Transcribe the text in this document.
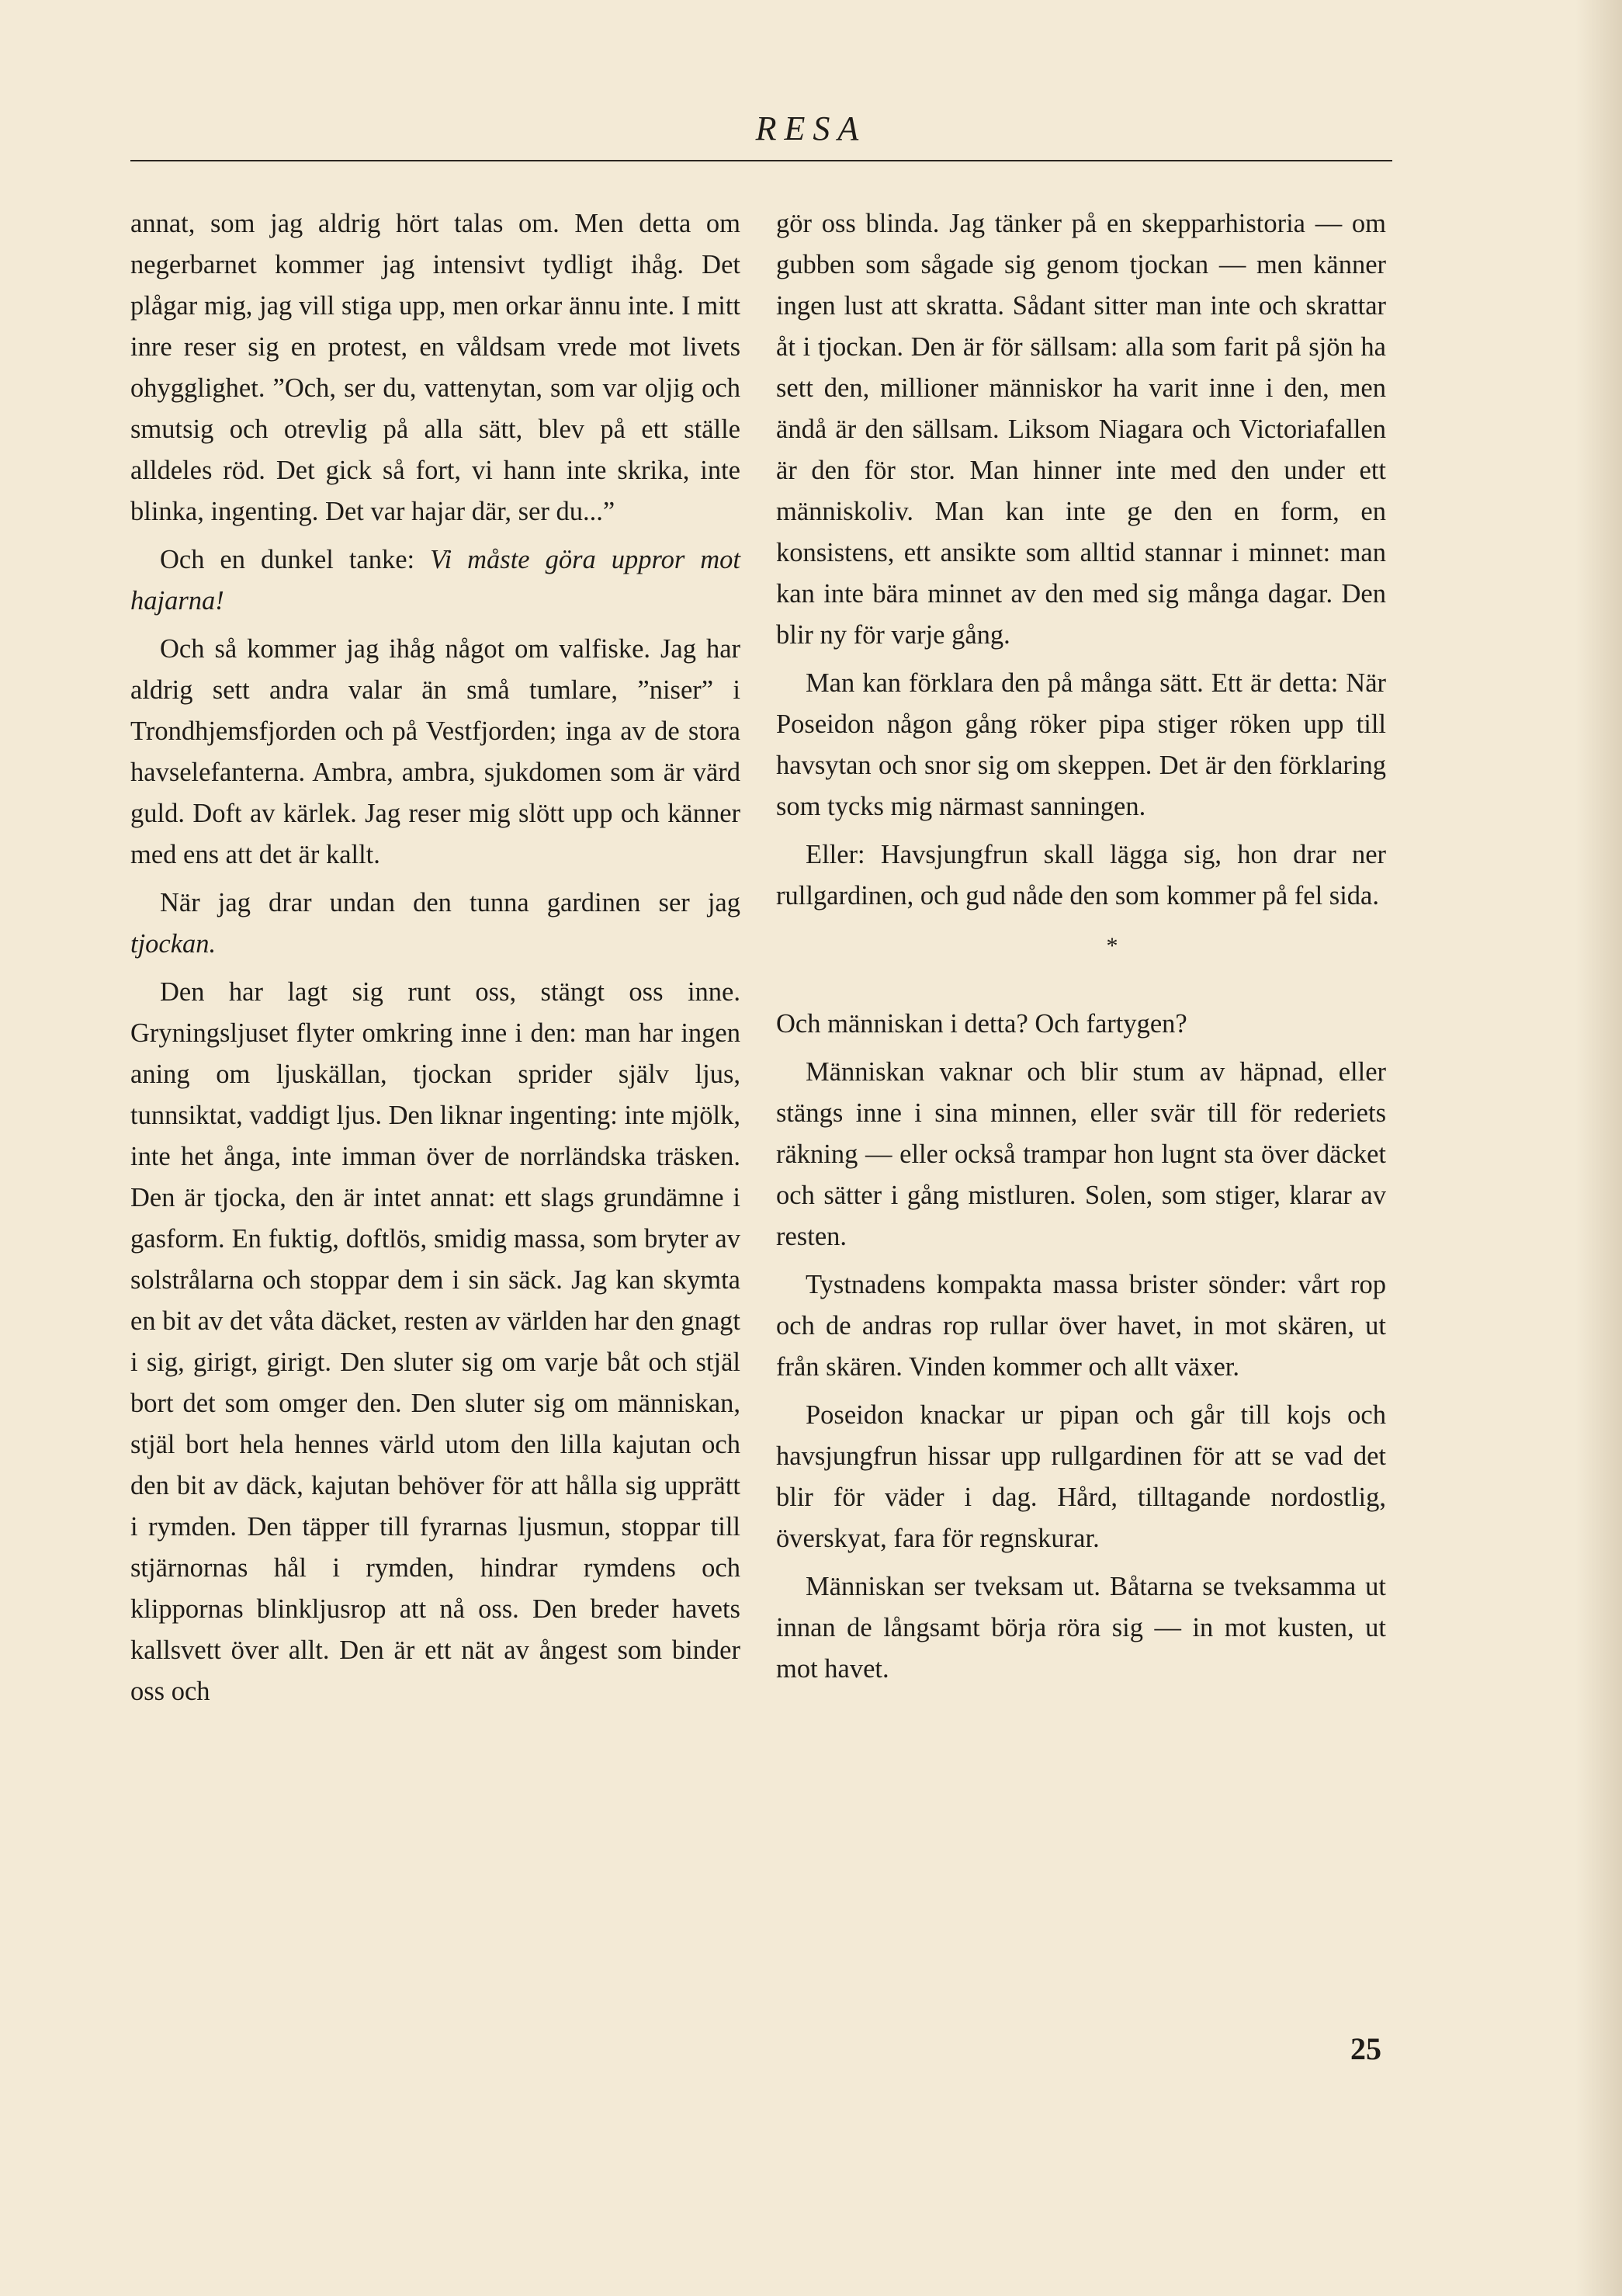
RESA

annat, som jag aldrig hört talas om. Men detta om negerbarnet kommer jag intensivt tydligt ihåg. Det plågar mig, jag vill stiga upp, men orkar ännu inte. I mitt inre reser sig en protest, en våldsam vrede mot livets ohygglighet. ”Och, ser du, vattenytan, som var oljig och smutsig och otrevlig på alla sätt, blev på ett ställe alldeles röd. Det gick så fort, vi hann inte skrika, inte blinka, ingenting. Det var hajar där, ser du...”

Och en dunkel tanke: Vi måste göra uppror mot hajarna!

Och så kommer jag ihåg något om valfiske. Jag har aldrig sett andra valar än små tumlare, ”niser” i Trondhjemsfjorden och på Vestfjorden; inga av de stora havselefanterna. Ambra, ambra, sjukdomen som är värd guld. Doft av kärlek. Jag reser mig slött upp och känner med ens att det är kallt.

När jag drar undan den tunna gardinen ser jag tjockan.

Den har lagt sig runt oss, stängt oss inne. Gryningsljuset flyter omkring inne i den: man har ingen aning om ljuskällan, tjockan sprider själv ljus, tunnsiktat, vaddigt ljus. Den liknar ingenting: inte mjölk, inte het ånga, inte imman över de norrländska träsken. Den är tjocka, den är intet annat: ett slags grundämne i gasform. En fuktig, doftlös, smidig massa, som bryter av solstrålarna och stoppar dem i sin säck. Jag kan skymta en bit av det våta däcket, resten av världen har den gnagt i sig, girigt, girigt. Den sluter sig om varje båt och stjäl bort det som omger den. Den sluter sig om människan, stjäl bort hela hennes värld utom den lilla kajutan och den bit av däck, kajutan behöver för att hålla sig upprätt i rymden. Den täpper till fyrarnas ljusmun, stoppar till stjärnornas hål i rymden, hindrar rymdens och klippornas blinkljusrop att nå oss. Den breder havets kallsvett över allt. Den är ett nät av ångest som binder oss och

gör oss blinda. Jag tänker på en skepparhistoria — om gubben som sågade sig genom tjockan — men känner ingen lust att skratta. Sådant sitter man inte och skrattar åt i tjockan. Den är för sällsam: alla som farit på sjön ha sett den, millioner människor ha varit inne i den, men ändå är den sällsam. Liksom Niagara och Victoriafallen är den för stor. Man hinner inte med den under ett människoliv. Man kan inte ge den en form, en konsistens, ett ansikte som alltid stannar i minnet: man kan inte bära minnet av den med sig många dagar. Den blir ny för varje gång.

Man kan förklara den på många sätt. Ett är detta: När Poseidon någon gång röker pipa stiger röken upp till havsytan och snor sig om skeppen. Det är den förklaring som tycks mig närmast sanningen.

Eller: Havsjungfrun skall lägga sig, hon drar ner rullgardinen, och gud nåde den som kommer på fel sida.

*

Och människan i detta? Och fartygen?

Människan vaknar och blir stum av häpnad, eller stängs inne i sina minnen, eller svär till för rederiets räkning — eller också trampar hon lugnt sta över däcket och sätter i gång mistluren. Solen, som stiger, klarar av resten.

Tystnadens kompakta massa brister sönder: vårt rop och de andras rop rullar över havet, in mot skären, ut från skären. Vinden kommer och allt växer.

Poseidon knackar ur pipan och går till kojs och havsjungfrun hissar upp rullgardinen för att se vad det blir för väder i dag. Hård, tilltagande nordostlig, överskyat, fara för regnskurar.

Människan ser tveksam ut. Båtarna se tveksamma ut innan de långsamt börja röra sig — in mot kusten, ut mot havet.

25
